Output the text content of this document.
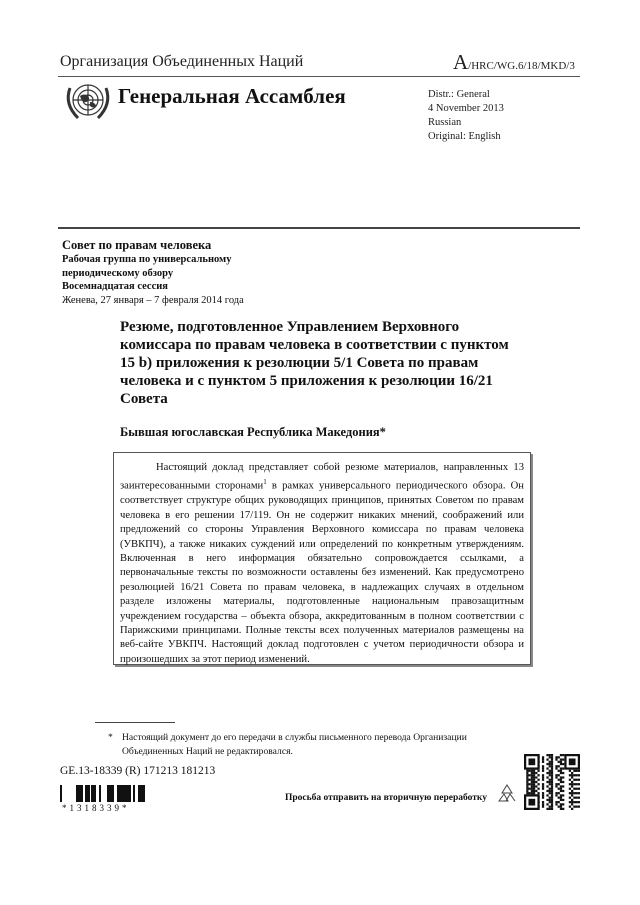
Организация Объединенных Наций	A/HRC/WG.6/18/MKD/3
Генеральная Ассамблея	Distr.: General
4 November 2013
Russian
Original: English
Совет по правам человека
Рабочая группа по универсальному
периодическому обзору
Восемнадцатая сессия
Женева, 27 января – 7 февраля 2014 года
Резюме, подготовленное Управлением Верховного комиссара по правам человека в соответствии с пунктом 15 b) приложения к резолюции 5/1 Совета по правам человека и с пунктом 5 приложения к резолюции 16/21 Совета
Бывшая югославская Республика Македония*

Настоящий доклад представляет собой резюме материалов, направленных 13 заинтересованными сторонами$^1$ в рамках универсального периодического обзора. Он соответствует структуре общих руководящих принципов, принятых Советом по правам человека в его решении 17/119. Он не содержит никаких мнений, соображений или предложений со стороны Управления Верховного комиссара по правам человека (УВКПЧ), а также никаких суждений или определений по конкретным утверждениям. Включенная в него информация обязательно сопровождается ссылками, а первоначальные тексты по возможности оставлены без изменений. Как предусмотрено резолюцией 16/21 Совета по правам человека, в надлежащих случаях в отдельном разделе изложены материалы, подготовленные национальным правозащитным учреждением государства – объекта обзора, аккредитованным в полном соответствии с Парижскими принципами. Полные тексты всех полученных материалов размещены на веб-сайте УВКПЧ. Настоящий доклад подготовлен с учетом периодичности обзора и произошедших за этот период изменений.

* Настоящий документ до его передачи в службы письменного перевода Организации Объединенных Наций не редактировался.
GE.13-18339 (R) 171213 181213
*1318339*
Просьба отправить на вторичную переработку
